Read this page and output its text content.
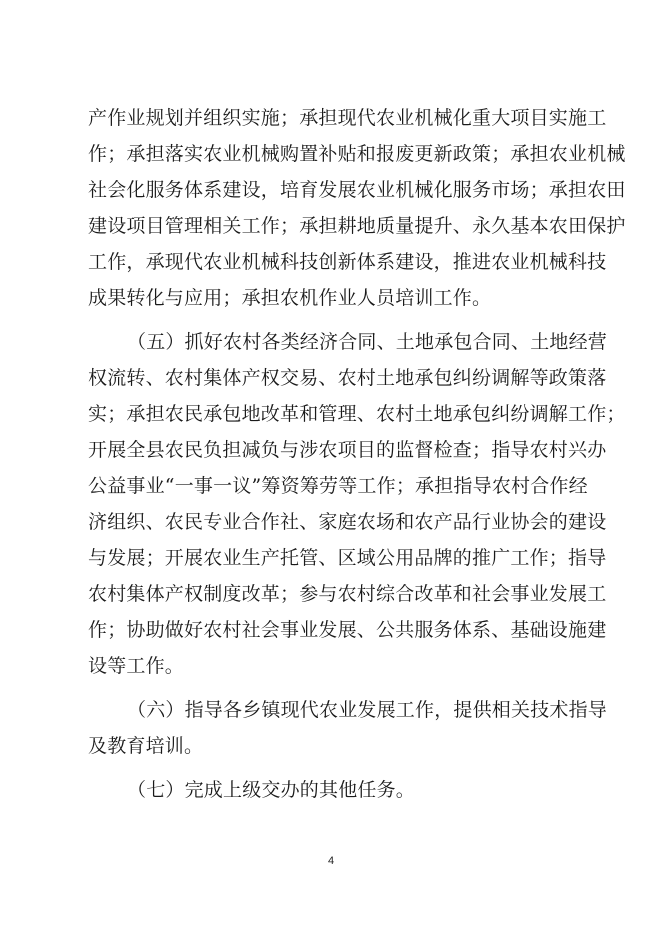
产作业规划并组织实施；承担现代农业机械化重大项目实施工
作；承担落实农业机械购置补贴和报废更新政策；承担农业机械
社会化服务体系建设，培育发展农业机械化服务市场；承担农田
建设项目管理相关工作；承担耕地质量提升、永久基本农田保护
工作，承现代农业机械科技创新体系建设，推进农业机械科技
成果转化与应用；承担农机作业人员培训工作。
（五）抓好农村各类经济合同、土地承包合同、土地经营
权流转、农村集体产权交易、农村土地承包纠纷调解等政策落
实；承担农民承包地改革和管理、农村土地承包纠纷调解工作；
开展全县农民负担减负与涉农项目的监督检查；指导农村兴办
公益事业“一事一议”筹资筹劳等工作；承担指导农村合作经
济组织、农民专业合作社、家庭农场和农产品行业协会的建设
与发展；开展农业生产托管、区域公用品牌的推广工作；指导
农村集体产权制度改革；参与农村综合改革和社会事业发展工
作；协助做好农村社会事业发展、公共服务体系、基础设施建
设等工作。
（六）指导各乡镇现代农业发展工作，提供相关技术指导
及教育培训。
（七）完成上级交办的其他任务。
4
